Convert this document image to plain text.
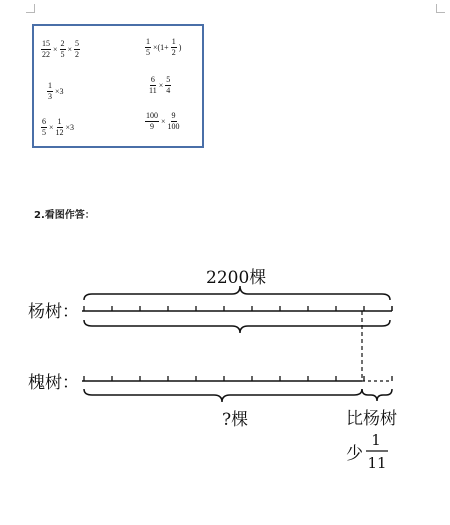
$\frac{15}{22} \times \frac{2}{5} \times \frac{5}{2}$
$\frac{1}{3} \times 3$
$\frac{6}{5} \times \frac{1}{12} \times 3$
$\frac{1}{5} \times(1+ \frac{1}{2}$ )
$\frac{6}{11} \times \frac{5}{4}$
$\frac{100}{9} \times \frac{9}{100}$
2.看图作答：
2200棵
杨树：
槐树：
?棵	比杨树
少
1
11
